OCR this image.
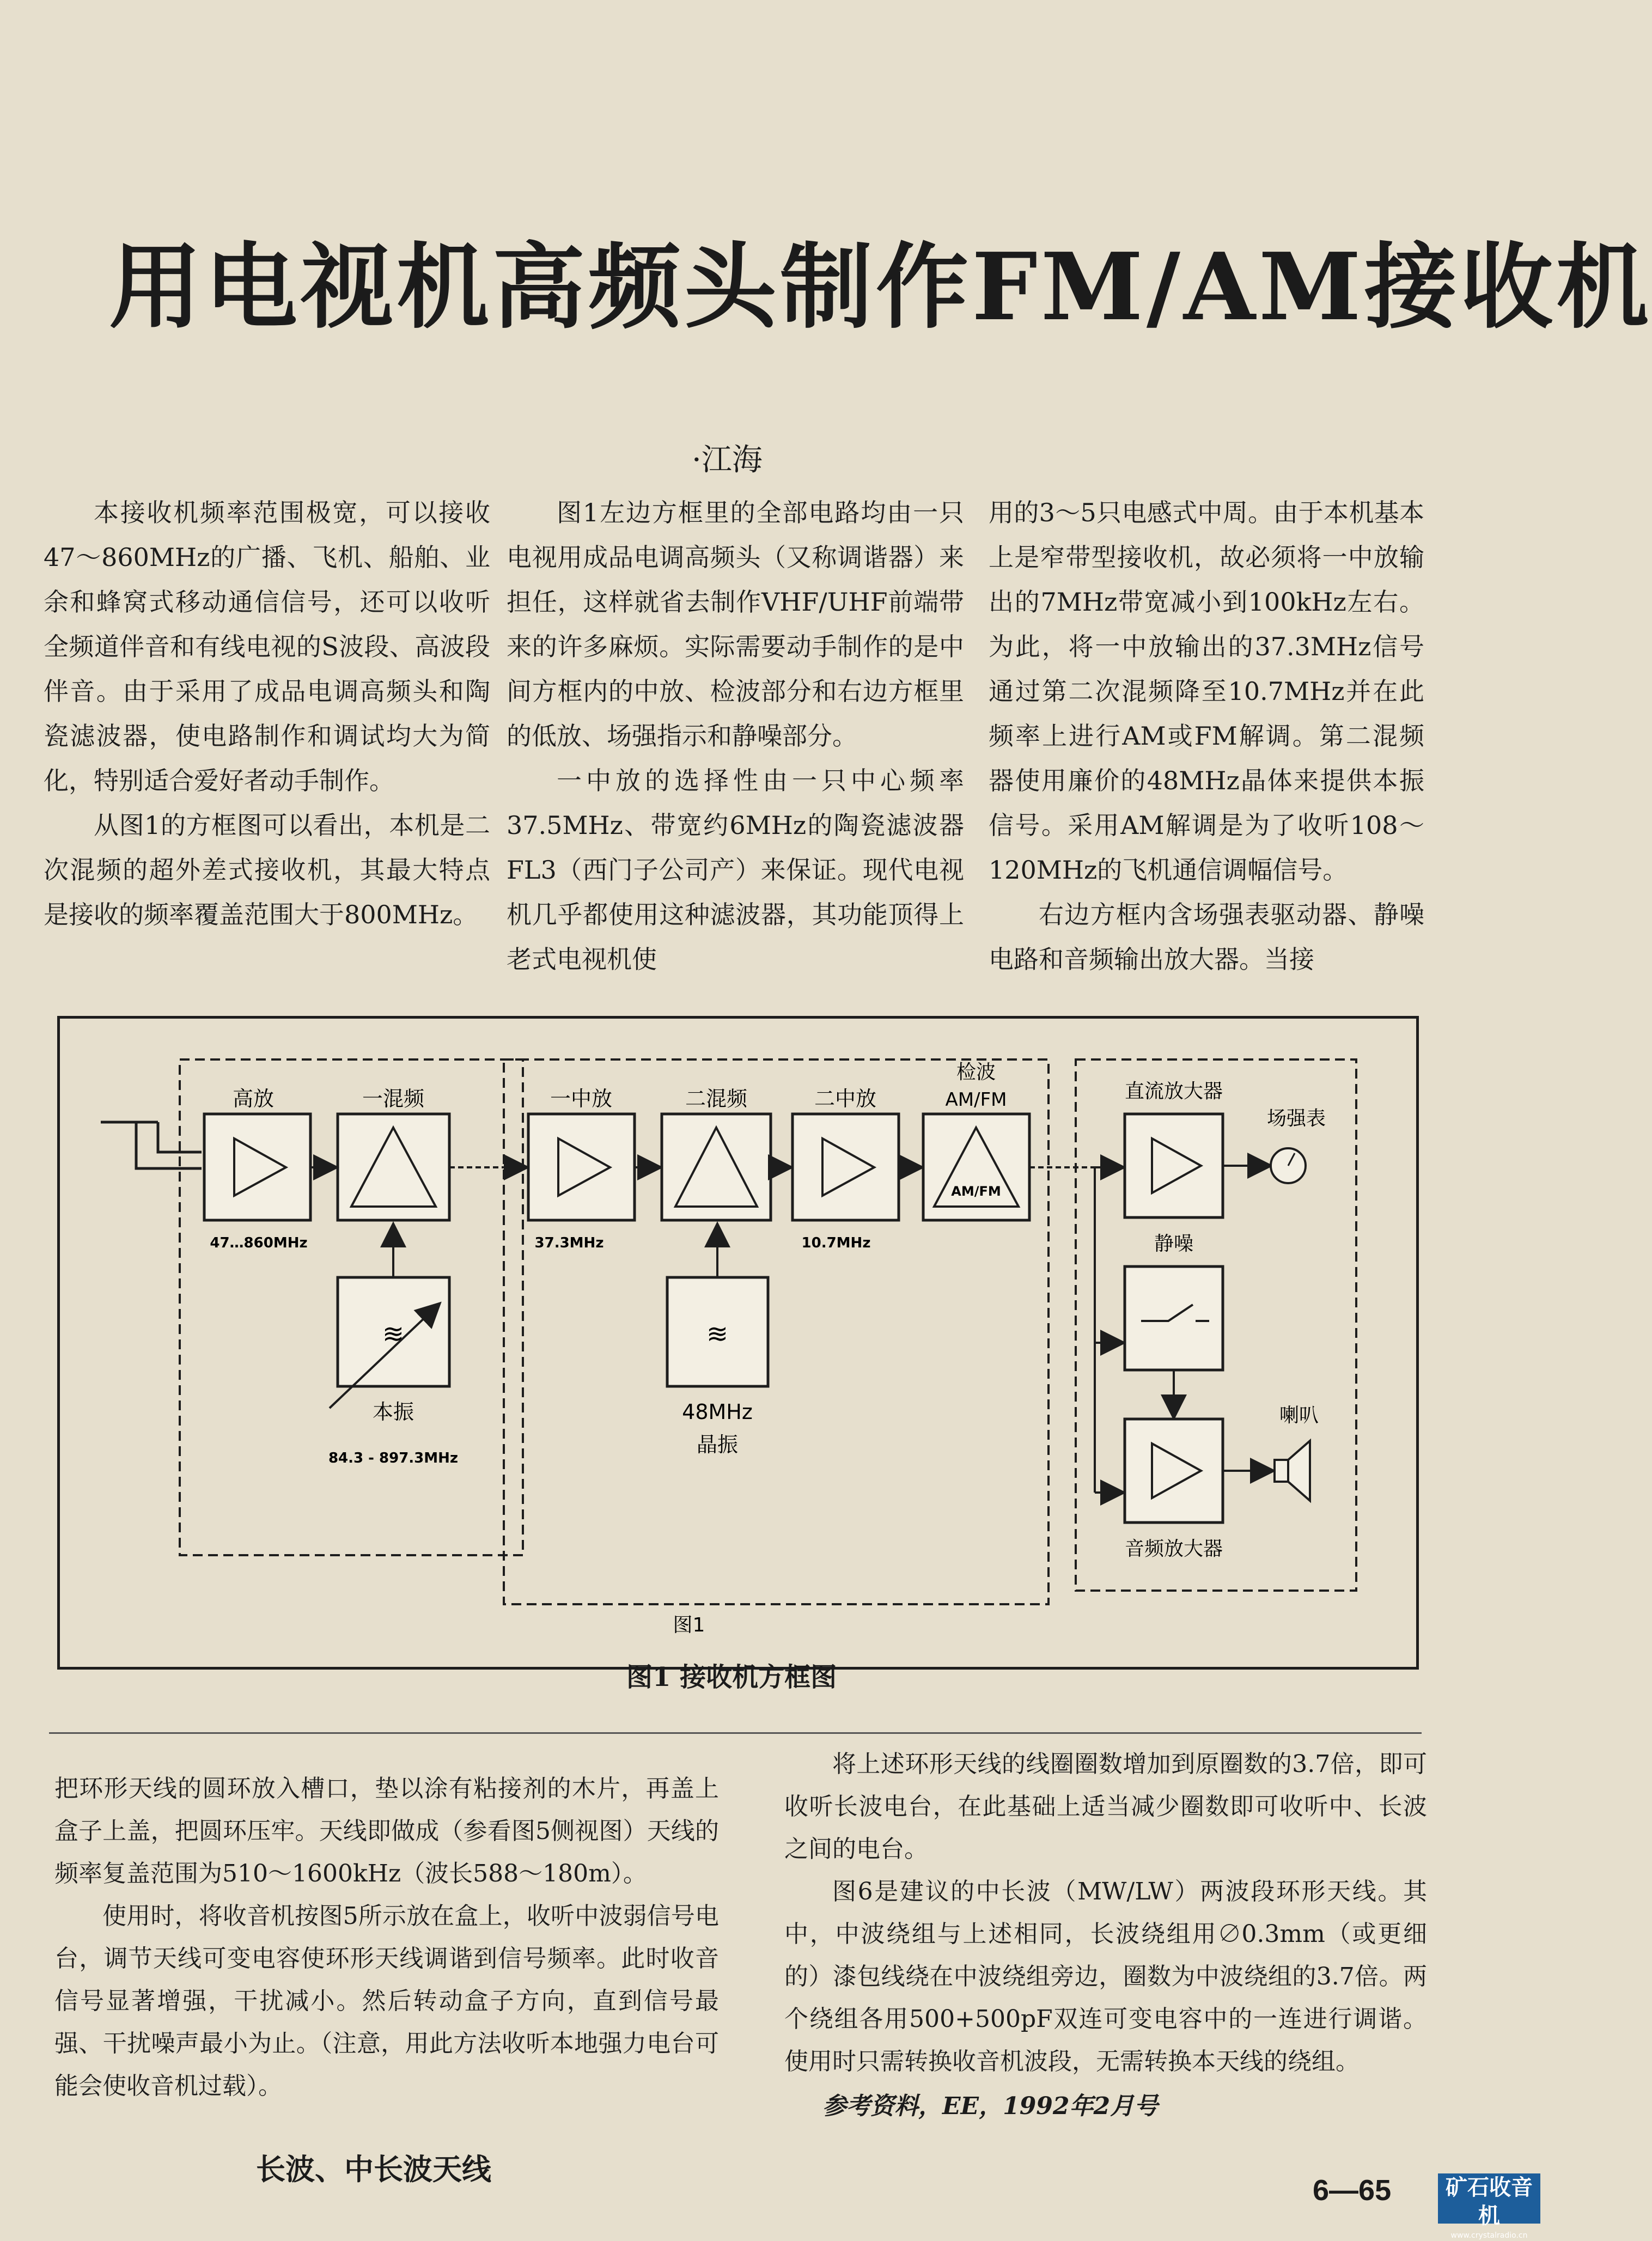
用电视机高频头制作FM/AM接收机
·江海

本接收机频率范围极宽，可以接收47～860MHz的广播、飞机、船舶、业余和蜂窝式移动通信信号，还可以收听全频道伴音和有线电视的S波段、高波段伴音。由于采用了成品电调高频头和陶瓷滤波器，使电路制作和调试均大为简化，特别适合爱好者动手制作。

从图1的方框图可以看出，本机是二次混频的超外差式接收机，其最大特点是接收的频率覆盖范围大于800MHz。

图1左边方框里的全部电路均由一只电视用成品电调高频头（又称调谐器）来担任，这样就省去制作VHF/UHF前端带来的许多麻烦。实际需要动手制作的是中间方框内的中放、检波部分和右边方框里的低放、场强指示和静噪部分。

一中放的选择性由一只中心频率37.5MHz、带宽约6MHz的陶瓷滤波器FL3（西门子公司产）来保证。现代电视机几乎都使用这种滤波器，其功能顶得上老式电视机使

用的3～5只电感式中周。由于本机基本上是窄带型接收机，故必须将一中放输出的7MHz带宽减小到100kHz左右。为此，将一中放输出的37.3MHz信号通过第二次混频降至10.7MHz并在此频率上进行AM或FM解调。第二混频器使用廉价的48MHz晶体来提供本振信号。采用AM解调是为了收听108～120MHz的飞机通信调幅信号。

右边方框内含场强表驱动器、静噪电路和音频输出放大器。当接

高放
47…860MHz
一混频
≋
本振
84.3 - 897.3MHz
一中放
37.3MHz
二混频
≋
48MHz
晶振
二中放
10.7MHz
检波
AM/FM
AM/FM
直流放大器
场强表
静噪
音频放大器
喇叭
图1
图1 接收机方框图

把环形天线的圆环放入槽口，垫以涂有粘接剂的木片，再盖上盒子上盖，把圆环压牢。天线即做成（参看图5侧视图）天线的频率复盖范围为510～1600kHz（波长588～180m）。

使用时，将收音机按图5所示放在盒上，收听中波弱信号电台，调节天线可变电容使环形天线调谐到信号频率。此时收音信号显著增强，干扰减小。然后转动盒子方向，直到信号最强、干扰噪声最小为止。（注意，用此方法收听本地强力电台可能会使收音机过载）。

将上述环形天线的线圈圈数增加到原圈数的3.7倍，即可收听长波电台，在此基础上适当减少圈数即可收听中、长波之间的电台。

图6是建议的中长波（MW/LW）两波段环形天线。其中，中波绕组与上述相同，长波绕组用∅0.3mm（或更细的）漆包线绕在中波绕组旁边，圈数为中波绕组的3.7倍。两个绕组各用500+500pF双连可变电容中的一连进行调谐。使用时只需转换收音机波段，无需转换本天线的绕组。

参考资料，EE，1992年2月号
长波、中长波天线
6—65	矿石收音机
www.crystalradio.cn
